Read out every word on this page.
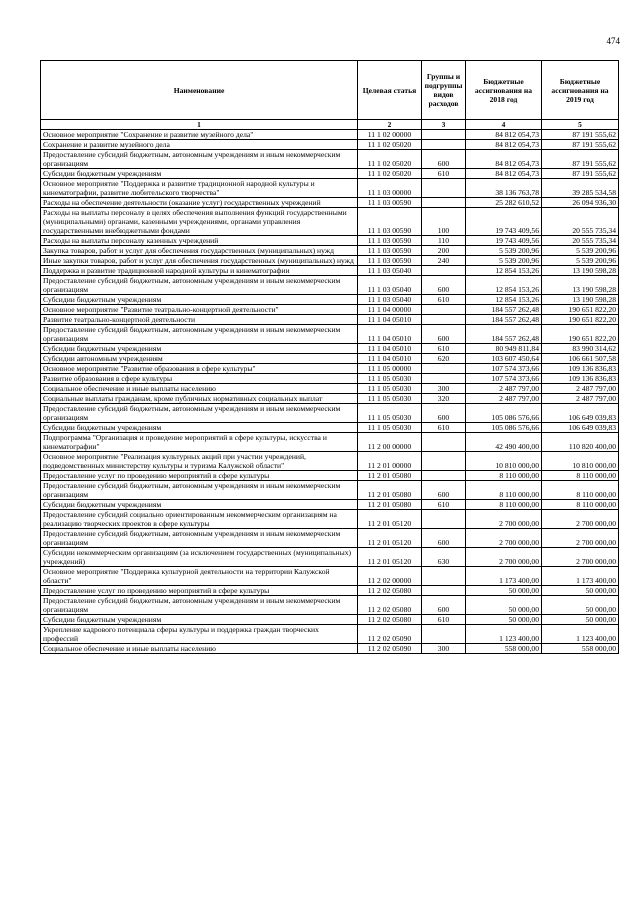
474
Наименование	Целевая статья	Группы и подгруппы видов расходов	Бюджетные ассигнования на 2018 год	Бюджетные ассигнования на 2019 год
1	2	3	4	5
Основное мероприятие "Сохранение и развитие музейного дела"	11 1 02 00000		84 812 054,73	87 191 555,62
Сохранение и развитие музейного дела	11 1 02 05020		84 812 054,73	87 191 555,62
Предоставление субсидий бюджетным, автономным учреждениям и иным некоммерческим организациям	11 1 02 05020	600	84 812 054,73	87 191 555,62
Субсидии бюджетным учреждениям	11 1 02 05020	610	84 812 054,73	87 191 555,62
Основное мероприятие "Поддержка и развитие традиционной народной культуры и кинематографии, развитие любительского творчества"	11 1 03 00000		38 136 763,78	39 285 534,58
Расходы на обеспечение деятельности (оказание услуг) государственных учреждений	11 1 03 00590		25 282 610,52	26 094 936,30
Расходы на выплаты персоналу в целях обеспечения выполнения функций государственными (муниципальными) органами, казенными учреждениями, органами управления государственными внебюджетными фондами	11 1 03 00590	100	19 743 409,56	20 555 735,34
Расходы на выплаты персоналу казенных учреждений	11 1 03 00590	110	19 743 409,56	20 555 735,34
Закупка товаров, работ и услуг для обеспечения государственных (муниципальных) нужд	11 1 03 00590	200	5 539 200,96	5 539 200,96
Иные закупки товаров, работ и услуг для обеспечения государственных (муниципальных) нужд	11 1 03 00590	240	5 539 200,96	5 539 200,96
Поддержка и развитие традиционной народной культуры и кинематографии	11 1 03 05040		12 854 153,26	13 190 598,28
Предоставление субсидий бюджетным, автономным учреждениям и иным некоммерческим организациям	11 1 03 05040	600	12 854 153,26	13 190 598,28
Субсидии бюджетным учреждениям	11 1 03 05040	610	12 854 153,26	13 190 598,28
Основное мероприятие "Развитие театрально-концертной деятельности"	11 1 04 00000		184 557 262,48	190 651 822,20
Развитие театрально-концертной деятельности	11 1 04 05010		184 557 262,48	190 651 822,20
Предоставление субсидий бюджетным, автономным учреждениям и иным некоммерческим организациям	11 1 04 05010	600	184 557 262,48	190 651 822,20
Субсидии бюджетным учреждениям	11 1 04 05010	610	80 949 811,84	83 990 314,62
Субсидии автономным учреждениям	11 1 04 05010	620	103 607 450,64	106 661 507,58
Основное мероприятие "Развитие образования в сфере культуры"	11 1 05 00000		107 574 373,66	109 136 836,83
Развитие образования в сфере культуры	11 1 05 05030		107 574 373,66	109 136 836,83
Социальное обеспечение и иные выплаты населению	11 1 05 05030	300	2 487 797,00	2 487 797,00
Социальные выплаты гражданам, кроме публичных нормативных социальных выплат	11 1 05 05030	320	2 487 797,00	2 487 797,00
Предоставление субсидий бюджетным, автономным учреждениям и иным некоммерческим организациям	11 1 05 05030	600	105 086 576,66	106 649 039,83
Субсидии бюджетным учреждениям	11 1 05 05030	610	105 086 576,66	106 649 039,83
Подпрограмма "Организация и проведение мероприятий в сфере культуры, искусства и кинематографии"	11 2 00 00000		42 490 400,00	110 820 400,00
Основное мероприятие "Реализация культурных акций при участии учреждений, подведомственных министерству культуры и туризма Калужской области"	11 2 01 00000		10 810 000,00	10 810 000,00
Предоставление услуг по проведению мероприятий в сфере культуры	11 2 01 05080		8 110 000,00	8 110 000,00
Предоставление субсидий бюджетным, автономным учреждениям и иным некоммерческим организациям	11 2 01 05080	600	8 110 000,00	8 110 000,00
Субсидии бюджетным учреждениям	11 2 01 05080	610	8 110 000,00	8 110 000,00
Предоставление субсидий социально ориентированным некоммерческим организациям на реализацию творческих проектов в сфере культуры	11 2 01 05120		2 700 000,00	2 700 000,00
Предоставление субсидий бюджетным, автономным учреждениям и иным некоммерческим организациям	11 2 01 05120	600	2 700 000,00	2 700 000,00
Субсидии некоммерческим организациям (за исключением государственных (муниципальных) учреждений)	11 2 01 05120	630	2 700 000,00	2 700 000,00
Основное мероприятие "Поддержка культурной деятельности на территории Калужской области"	11 2 02 00000		1 173 400,00	1 173 400,00
Предоставление услуг по проведению мероприятий в сфере культуры	11 2 02 05080		50 000,00	50 000,00
Предоставление субсидий бюджетным, автономным учреждениям и иным некоммерческим организациям	11 2 02 05080	600	50 000,00	50 000,00
Субсидии бюджетным учреждениям	11 2 02 05080	610	50 000,00	50 000,00
Укрепление кадрового потенциала сферы культуры и поддержка граждан творческих профессий	11 2 02 05090		1 123 400,00	1 123 400,00
Социальное обеспечение и иные выплаты населению	11 2 02 05090	300	558 000,00	558 000,00
